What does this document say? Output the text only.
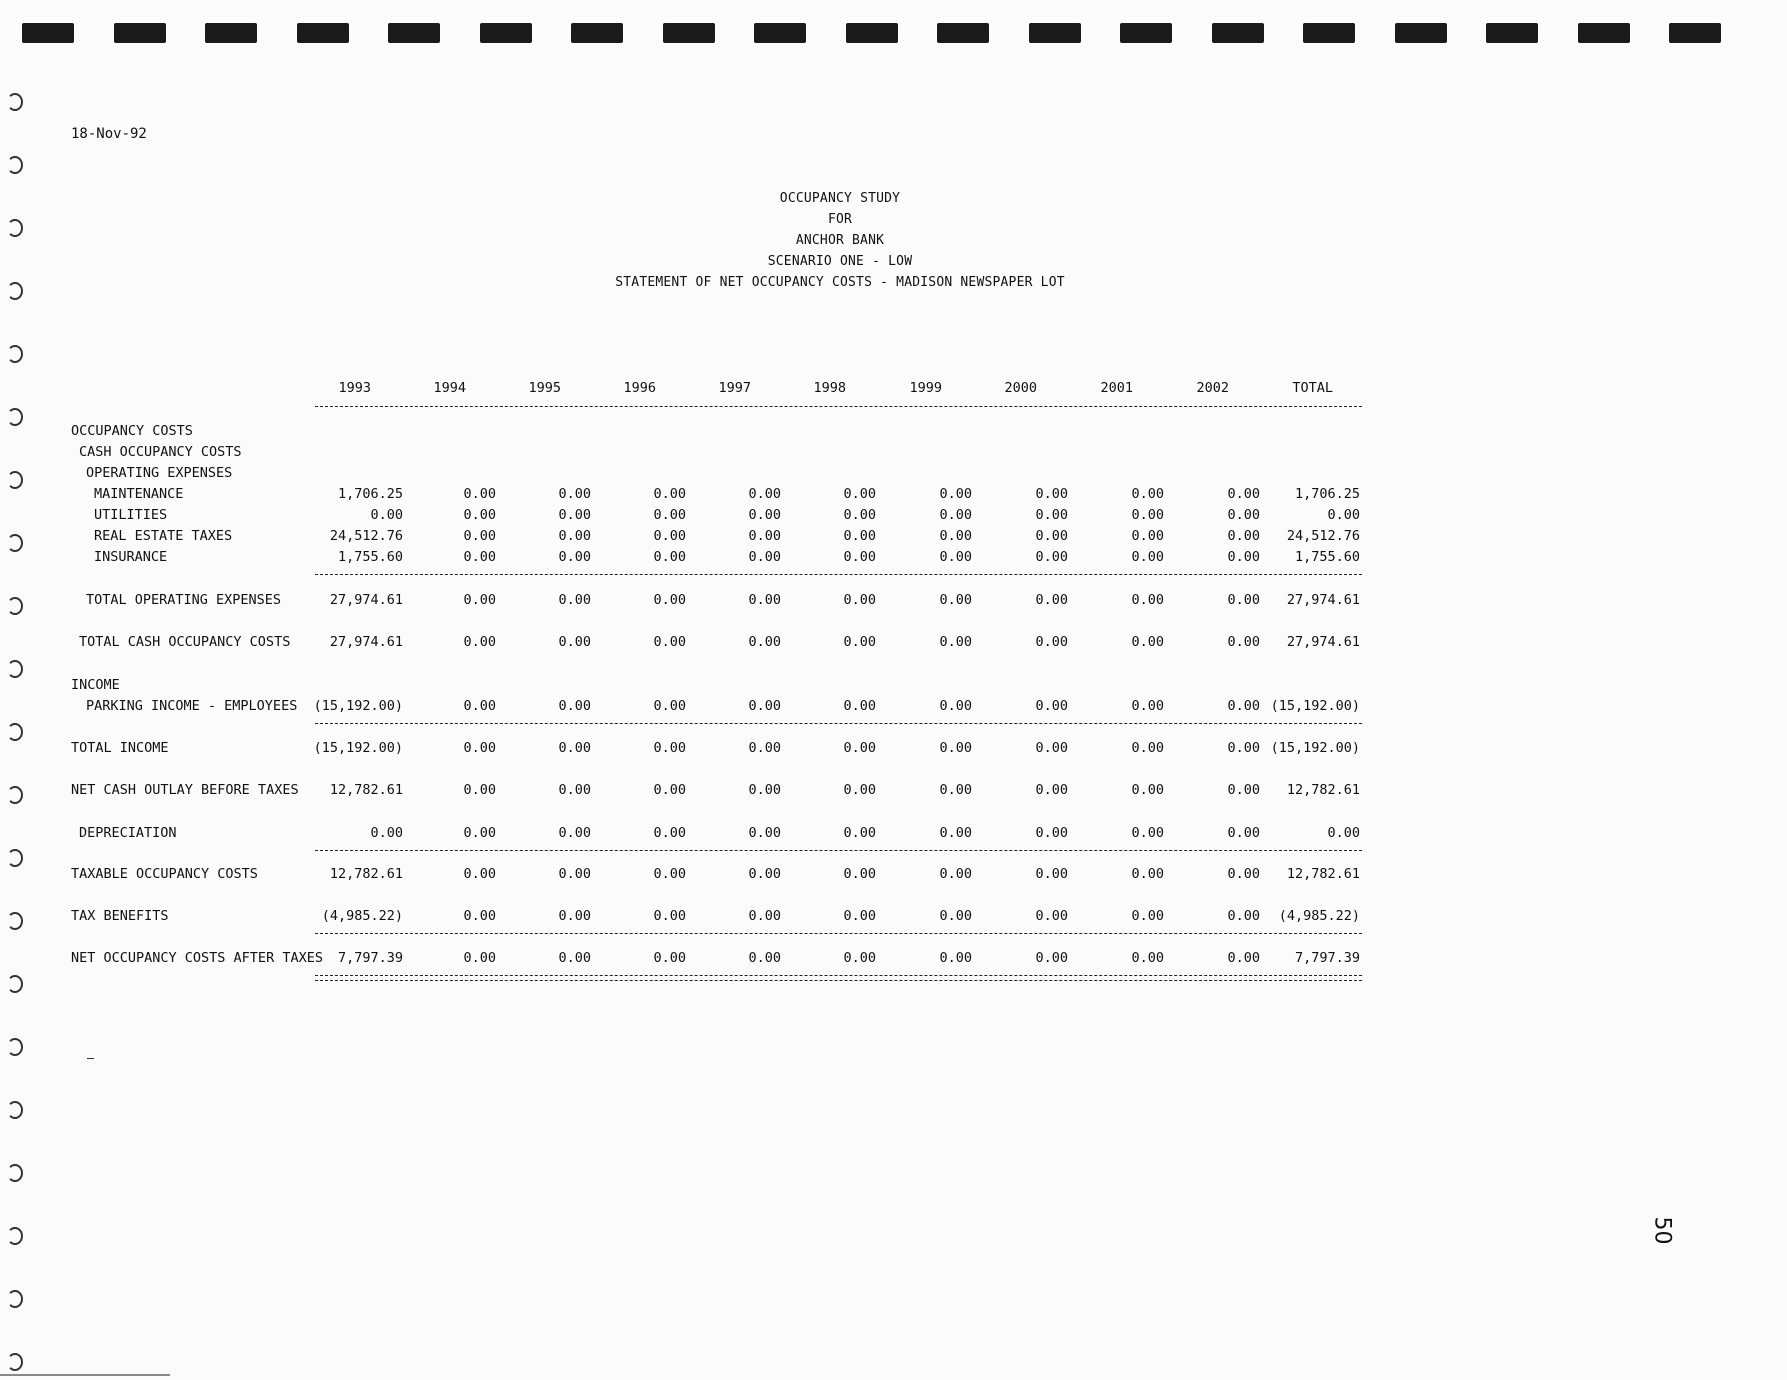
18-Nov-92
OCCUPANCY STUDY
FOR
ANCHOR BANK
SCENARIO ONE - LOW
STATEMENT OF NET OCCUPANCY COSTS - MADISON NEWSPAPER LOT
1993	1994	1995	1996	1997	1998	1999	2000	2001	2002	TOTAL
OCCUPANCY COSTS
CASH OCCUPANCY COSTS
OPERATING EXPENSES
MAINTENANCE	1,706.25	0.00	0.00	0.00	0.00	0.00	0.00	0.00	0.00	0.00	1,706.25
UTILITIES	0.00	0.00	0.00	0.00	0.00	0.00	0.00	0.00	0.00	0.00	0.00
REAL ESTATE TAXES	24,512.76	0.00	0.00	0.00	0.00	0.00	0.00	0.00	0.00	0.00 24,512.76
INSURANCE	1,755.60	0.00	0.00	0.00	0.00	0.00	0.00	0.00	0.00	0.00	1,755.60
TOTAL OPERATING EXPENSES	27,974.61	0.00	0.00	0.00	0.00	0.00	0.00	0.00	0.00	0.00 27,974.61
TOTAL CASH OCCUPANCY COSTS	27,974.61	0.00	0.00	0.00	0.00	0.00	0.00	0.00	0.00	0.00 27,974.61
INCOME
PARKING INCOME - EMPLOYEES (15,192.00)	0.00	0.00	0.00	0.00	0.00	0.00	0.00	0.00	0.00 (15,192.00)
TOTAL INCOME	(15,192.00)	0.00	0.00	0.00	0.00	0.00	0.00	0.00	0.00	0.00 (15,192.00)
NET CASH OUTLAY BEFORE TAXES 12,782.61	0.00	0.00	0.00	0.00	0.00	0.00	0.00	0.00	0.00 12,782.61
DEPRECIATION	0.00	0.00	0.00	0.00	0.00	0.00	0.00	0.00	0.00	0.00	0.00
TAXABLE OCCUPANCY COSTS	12,782.61	0.00	0.00	0.00	0.00	0.00	0.00	0.00	0.00	0.00 12,782.61
TAX BENEFITS	(4,985.22)	0.00	0.00	0.00	0.00	0.00	0.00	0.00	0.00	0.00 (4,985.22)
NET OCCUPANCY COSTS AFTER TAXES 7,797.39	0.00	0.00	0.00	0.00	0.00	0.00	0.00	0.00	0.00	7,797.39
50
